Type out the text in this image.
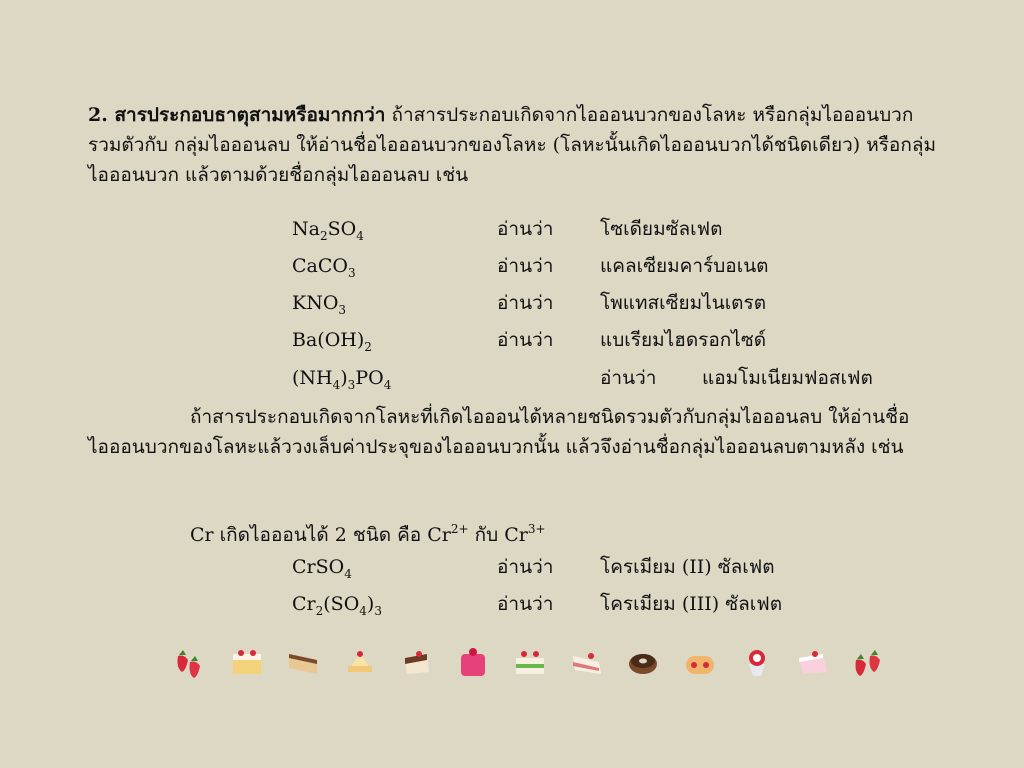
2. สารประกอบธาตุสามหรือมากกว่า ถ้าสารประกอบเกิดจากไอออนบวกของโลหะ หรือกลุ่มไอออนบวกรวมตัวกับ กลุ่มไอออนลบ ให้อ่านชื่อไอออนบวกของโลหะ (โลหะนั้นเกิดไอออนบวกได้ชนิดเดียว) หรือกลุ่มไอออนบวก แล้วตามด้วยชื่อกลุ่มไอออนลบ เช่น
$Na_2SO_4$	อ่านว่า โซเดียมซัลเฟต
CaCO$_3$	อ่านว่า แคลเซียมคาร์บอเนต
$KNO_3$	อ่านว่า โพแทสเซียมไนเตรต
$Ba(OH)_2$	อ่านว่า แบเรียมไฮดรอกไซด์
$(NH_4)_3PO_4$	อ่านว่า แอมโมเนียมฟอสเฟต
ถ้าสารประกอบเกิดจากโลหะที่เกิดไอออนได้หลายชนิดรวมตัวกับกลุ่มไอออนลบ ให้อ่านชื่อไอออนบวกของโลหะแล้ววงเล็บค่าประจุของไอออนบวกนั้น แล้วจึงอ่านชื่อกลุ่มไอออนลบตามหลัง เช่น
Cr เกิดไอออนได้ 2 ชนิด คือ $Cr^{2+}$ กับ $Cr^{3+}$
CrSO$_4$	อ่านว่า โครเมียม (II) ซัลเฟต
$Cr_2(SO_4)_3$	อ่านว่า โครเมียม (III) ซัลเฟต
